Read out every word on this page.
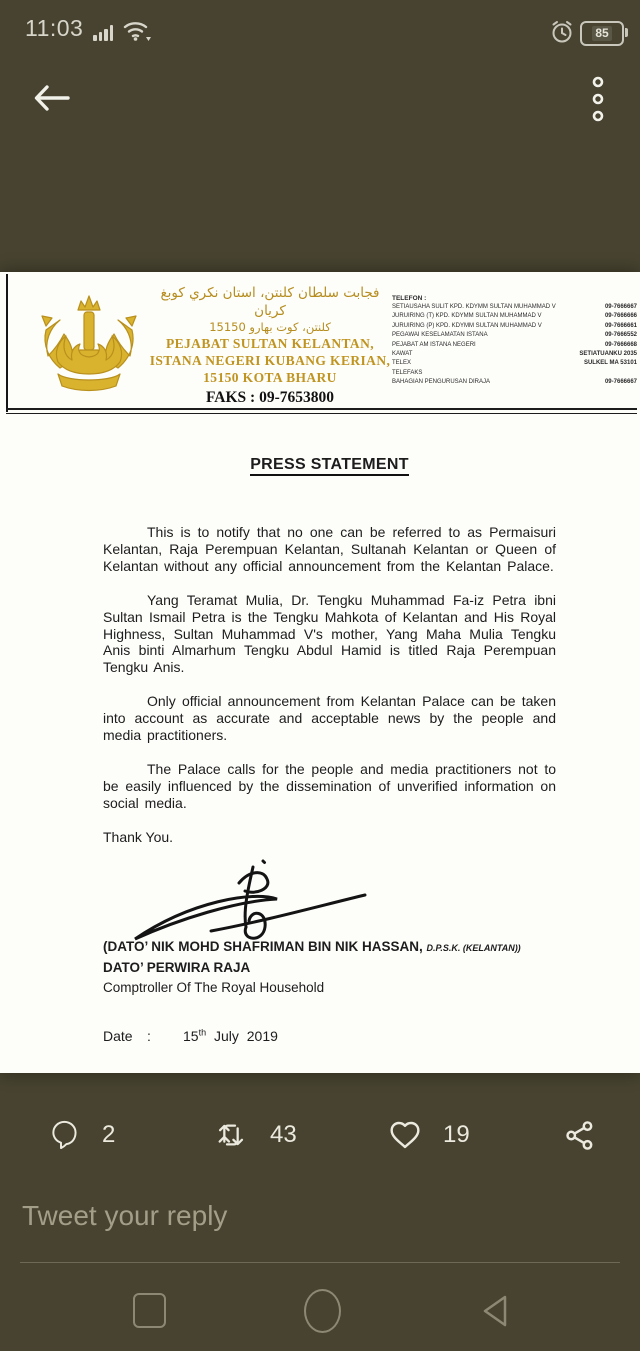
11:03	85
فجابت سلطان كلنتن، استان نكري كوبغ كريان
كلنتن، كوت بهارو 15150
PEJABAT SULTAN KELANTAN,
ISTANA NEGERI KUBANG KERIAN,
15150 KOTA BHARU
FAKS : 09-7653800
TELEFON :
SETIAUSAHA SULIT KPD. KDYMM SULTAN MUHAMMAD V	09-7666667
JURUIRING (T) KPD. KDYMM SULTAN MUHAMMAD V	09-7666666
JURUIRING (P) KPD. KDYMM SULTAN MUHAMMAD V	09-7666661
PEGAWAI KESELAMATAN ISTANA	09-7666552
PEJABAT AM ISTANA NEGERI	09-7666668
KAWAT	SETIATUANKU 2035
TELEX	SULKEL MA 53101
TELEFAKS
BAHAGIAN PENGURUSAN DIRAJA	09-7666667
PRESS STATEMENT

This is to notify that no one can be referred to as Permaisuri Kelantan, Raja Perempuan Kelantan, Sultanah Kelantan or Queen of Kelantan without any official announcement from the Kelantan Palace.

Yang Teramat Mulia, Dr. Tengku Muhammad Fa-iz Petra ibni Sultan Ismail Petra is the Tengku Mahkota of Kelantan and His Royal Highness, Sultan Muhammad V's mother, Yang Maha Mulia Tengku Anis binti Almarhum Tengku Abdul Hamid is titled Raja Perempuan Tengku Anis.

Only official announcement from Kelantan Palace can be taken into account as accurate and acceptable news by the people and media practitioners.

The Palace calls for the people and media practitioners not to be easily influenced by the dissemination of unverified information on social media.

Thank You.
(DATO’ NIK MOHD SHAFRIMAN BIN NIK HASSAN, D.P.S.K. (KELANTAN))
DATO’ PERWIRA RAJA
Comptroller Of The Royal Household
Date : 15th July 2019
2	43	19
Tweet your reply
